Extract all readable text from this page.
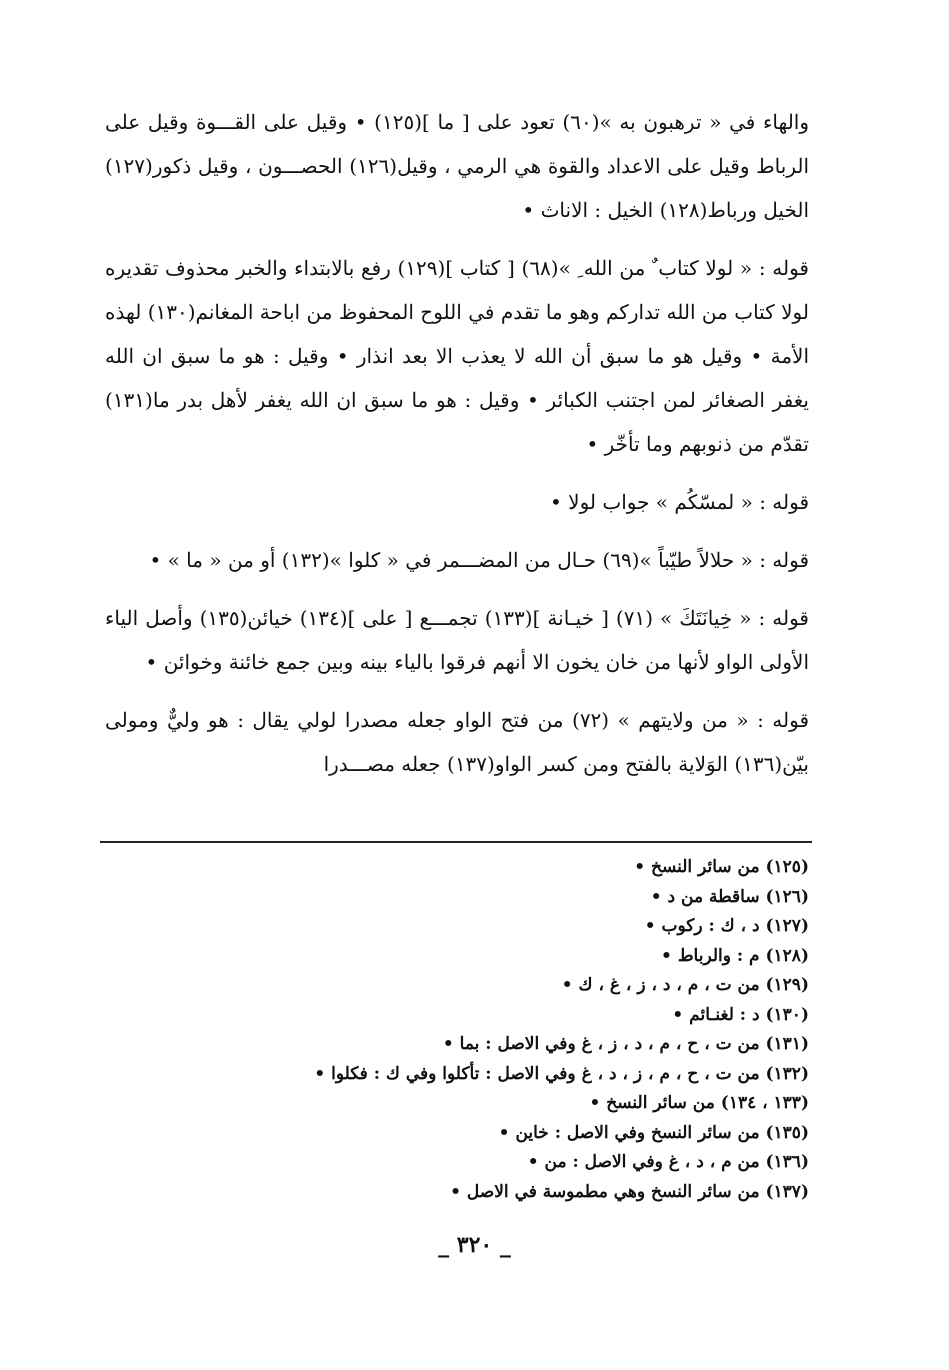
والهاء في « ترهبون به »(٦٠) تعود على [ ما ](١٢٥) • وقيل على القـــوة وقيل على الرباط وقيل على الاعداد والقوة هي الرمي ، وقيل(١٢٦) الحصـــون ، وقيل ذكور(١٢٧) الخيل ورباط(١٢٨) الخيل : الاناث •

قوله : « لولا كتاب ٌ من الله ِ »(٦٨) [ كتاب ](١٢٩) رفع بالابتداء والخبر محذوف تقديره لولا كتاب من الله تداركم وهو ما تقدم في اللوح المحفوظ من اباحة المغانم(١٣٠) لهذه الأمة • وقيل هو ما سبق أن الله لا يعذب الا بعد انذار • وقيل : هو ما سبق ان الله يغفر الصغائر لمن اجتنب الكبائر • وقيل : هو ما سبق ان الله يغفر لأهل بدر ما(١٣١) تقدّم من ذنوبهم وما تأخّر •

قوله : « لمسّكُم » جواب لولا •

قوله : « حلالاً طيّباً »(٦٩) حـال من المضـــمر في « كلوا »(١٣٢) أو من « ما » •

قوله : « خِيانَتَكَ » (٧١) [ خيـانة ](١٣٣) تجمـــع [ على ](١٣٤) خيائن(١٣٥) وأصل الياء الأولى الواو لأنها من خان يخون الا أنهم فرقوا بالياء بينه وبين جمع خائنة وخوائن •

قوله : « من ولايتهم » (٧٢) من فتح الواو جعله مصدرا لولي يقال : هو وليٌّ ومولى بيّن(١٣٦) الوَلاية بالفتح ومن كسر الواو(١٣٧) جعله مصـــدرا

(١٢٥) من سائر النسخ •
(١٢٦) ساقطة من د •
(١٢٧) د ، ك : ركوب •
(١٢٨) م : والرباط •
(١٢٩) من ت ، م ، د ، ز ، غ ، ك •
(١٣٠) د : لغنـائم •
(١٣١) من ت ، ح ، م ، د ، ز ، غ وفي الاصل : بما •
(١٣٢) من ت ، ح ، م ، ز ، د ، غ وفي الاصل : تأكلوا وفي ك : فكلوا •
(١٣٣ ، ١٣٤) من سائر النسخ •
(١٣٥) من سائر النسخ وفي الاصل : خاين •
(١٣٦) من م ، د ، غ وفي الاصل : من •
(١٣٧) من سائر النسخ وهي مطموسة في الاصل •
_ ٣٢٠ _
